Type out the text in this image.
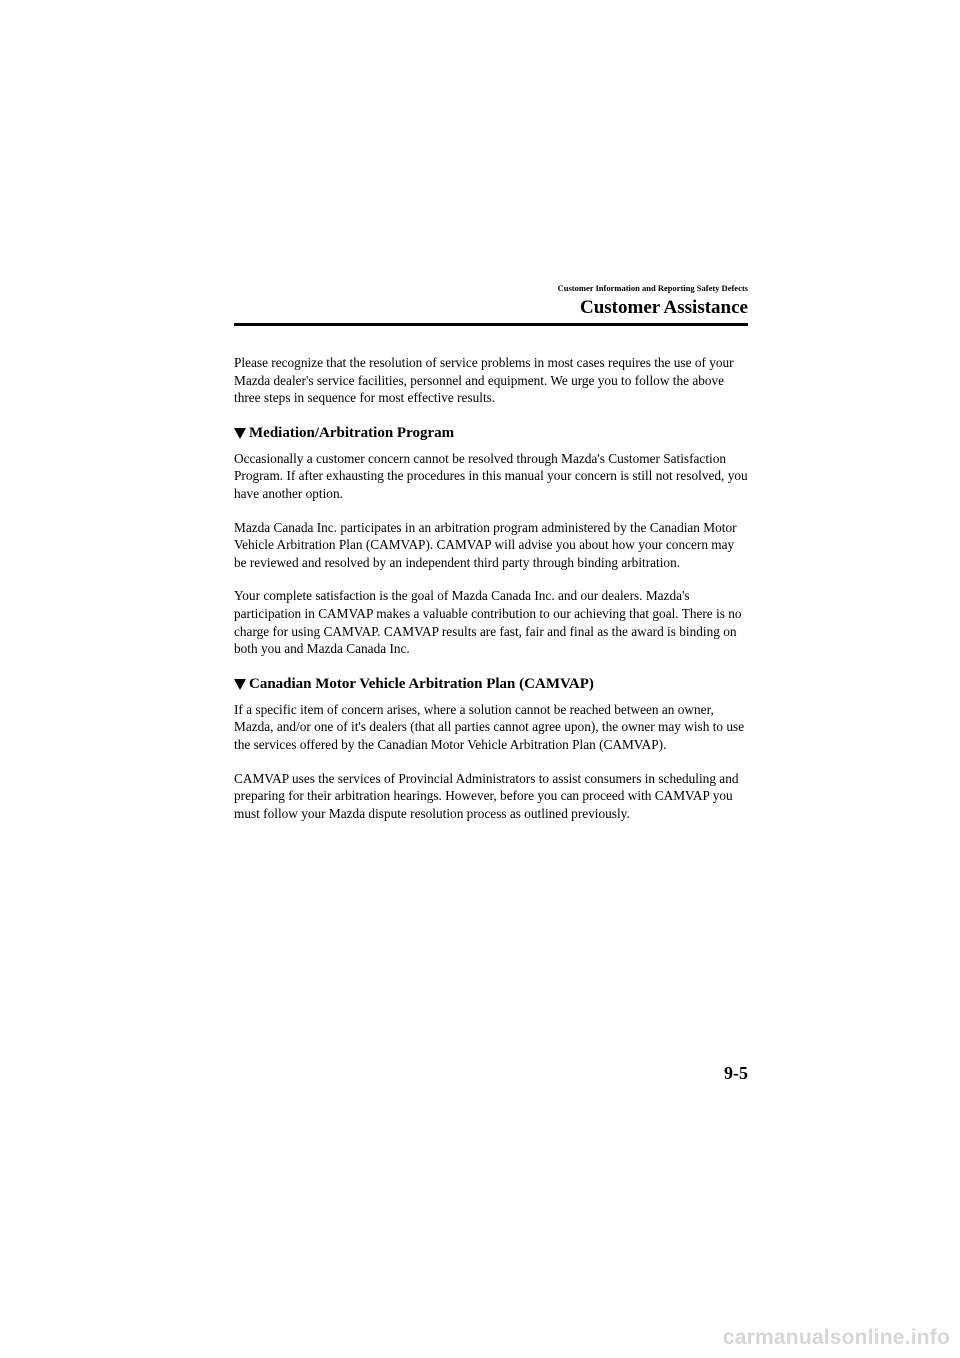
Customer Information and Reporting Safety Defects
Customer Assistance

Please recognize that the resolution of service problems in most cases requires the use of your Mazda dealer's service facilities, personnel and equipment. We urge you to follow the above three steps in sequence for most effective results.

Mediation/Arbitration Program

Occasionally a customer concern cannot be resolved through Mazda's Customer Satisfaction Program. If after exhausting the procedures in this manual your concern is still not resolved, you have another option.

Mazda Canada Inc. participates in an arbitration program administered by the Canadian Motor Vehicle Arbitration Plan (CAMVAP). CAMVAP will advise you about how your concern may be reviewed and resolved by an independent third party through binding arbitration.

Your complete satisfaction is the goal of Mazda Canada Inc. and our dealers. Mazda's participation in CAMVAP makes a valuable contribution to our achieving that goal. There is no charge for using CAMVAP. CAMVAP results are fast, fair and final as the award is binding on both you and Mazda Canada Inc.

Canadian Motor Vehicle Arbitration Plan (CAMVAP)

If a specific item of concern arises, where a solution cannot be reached between an owner, Mazda, and/or one of it's dealers (that all parties cannot agree upon), the owner may wish to use the services offered by the Canadian Motor Vehicle Arbitration Plan (CAMVAP).

CAMVAP uses the services of Provincial Administrators to assist consumers in scheduling and preparing for their arbitration hearings. However, before you can proceed with CAMVAP you must follow your Mazda dispute resolution process as outlined previously.

9-5
carmanualsonline.info
